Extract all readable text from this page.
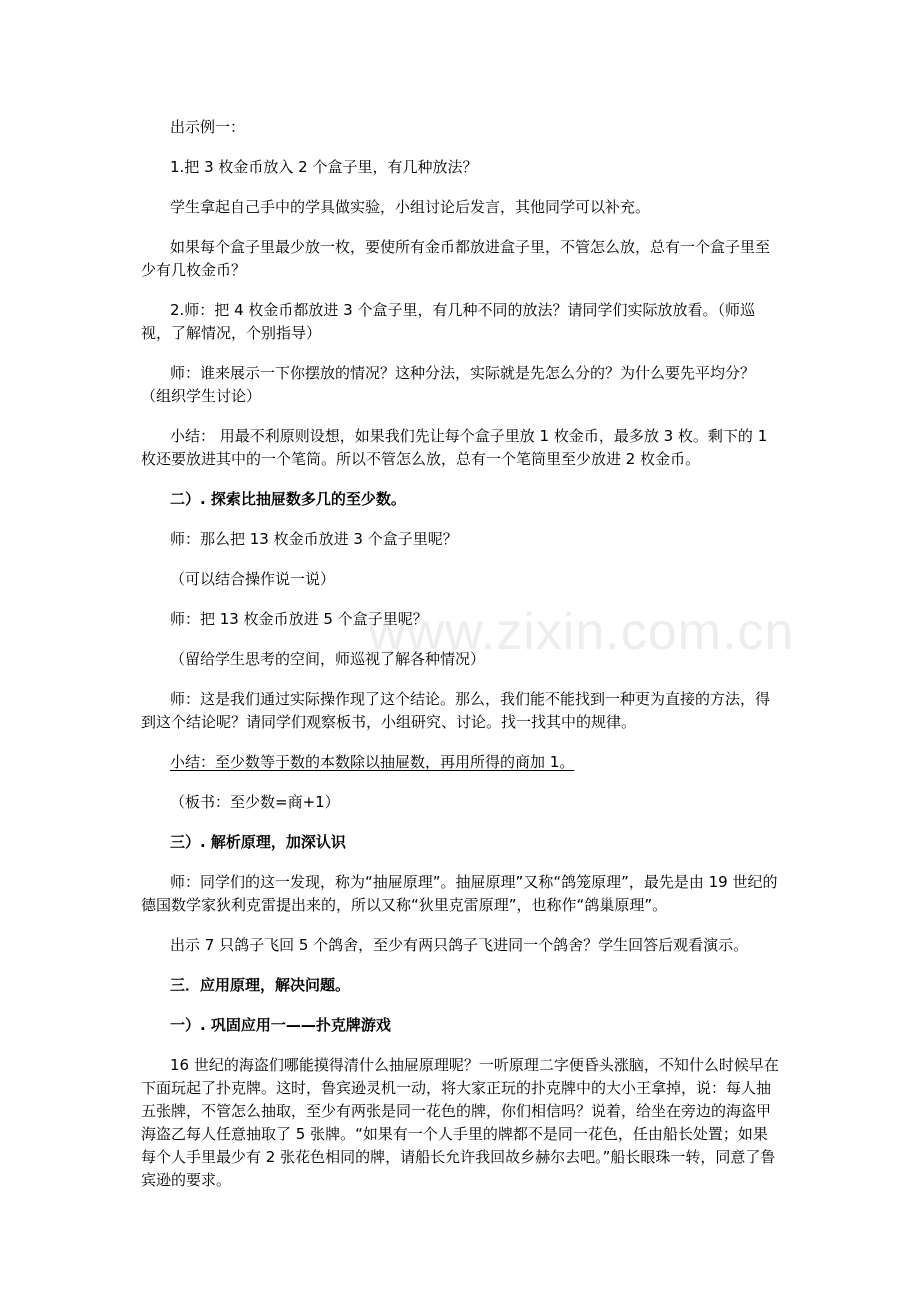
www.zixin.com.cn

出示例一：

1.把 3 枚金币放入 2 个盒子里，有几种放法？

学生拿起自己手中的学具做实验，小组讨论后发言，其他同学可以补充。

如果每个盒子里最少放一枚，要使所有金币都放进盒子里，不管怎么放，总有一个盒子里至少有几枚金币？

2.师：把 4 枚金币都放进 3 个盒子里，有几种不同的放法？请同学们实际放放看。（师巡视，了解情况，个别指导）

师：谁来展示一下你摆放的情况？这种分法，实际就是先怎么分的？为什么要先平均分？（组织学生讨论）

小结： 用最不利原则设想，如果我们先让每个盒子里放 1 枚金币，最多放 3 枚。剩下的 1 枚还要放进其中的一个笔筒。所以不管怎么放，总有一个笔筒里至少放进 2 枚金币。

二）. 探索比抽屉数多几的至少数。

师：那么把 13 枚金币放进 3 个盒子里呢？

（可以结合操作说一说）

师：把 13 枚金币放进 5 个盒子里呢？

（留给学生思考的空间，师巡视了解各种情况）

师：这是我们通过实际操作现了这个结论。那么，我们能不能找到一种更为直接的方法，得到这个结论呢？请同学们观察板书，小组研究、讨论。找一找其中的规律。

小结：至少数等于数的本数除以抽屉数，再用所得的商加 1。

（板书：至少数=商+1）

三）. 解析原理，加深认识

师：同学们的这一发现，称为“抽屉原理”。抽屉原理”又称“鸽笼原理”，最先是由 19 世纪的德国数学家狄利克雷提出来的，所以又称“狄里克雷原理”，也称作“鸽巢原理”。

出示 7 只鸽子飞回 5 个鸽舍，至少有两只鸽子飞进同一个鸽舍？学生回答后观看演示。

三．应用原理，解决问题。

一）. 巩固应用一——扑克牌游戏

16 世纪的海盗们哪能摸得清什么抽屉原理呢？一听原理二字便昏头涨脑，不知什么时候早在下面玩起了扑克牌。这时，鲁宾逊灵机一动，将大家正玩的扑克牌中的大小王拿掉，说：每人抽五张牌，不管怎么抽取，至少有两张是同一花色的牌，你们相信吗？说着，给坐在旁边的海盗甲海盗乙每人任意抽取了 5 张牌。“如果有一个人手里的牌都不是同一花色，任由船长处置；如果每个人手里最少有 2 张花色相同的牌，请船长允许我回故乡赫尔去吧。”船长眼珠一转，同意了鲁宾逊的要求。
